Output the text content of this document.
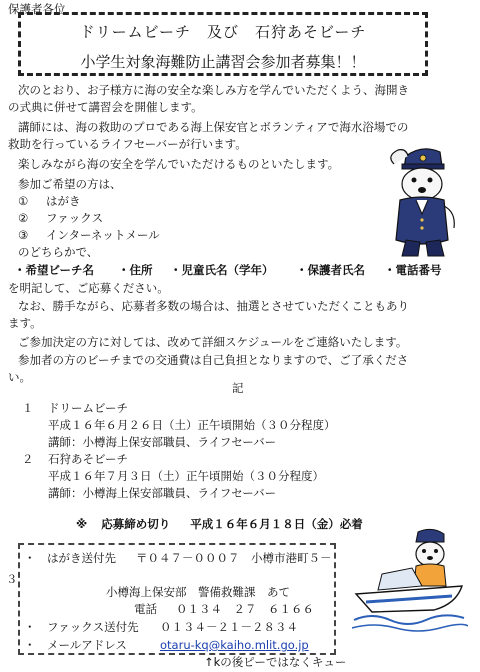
保護者各位
ドリームビーチ　及び　石狩あそビーチ
小学生対象海難防止講習会参加者募集！！
次のとおり、お子様方に海の安全な楽しみ方を学んでいただくよう、海開き
の式典に併せて講習会を開催します。
講師には、海の救助のプロである海上保安官とボランティアで海水浴場での
救助を行っているライフセーバーが行います。
楽しみながら海の安全を学んでいただけるものといたします。
参加ご希望の方は、
① はがき
② ファックス
③ インターネットメール
のどちらかで、
・希望ビーチ名 ・住所 ・児童氏名（学年） ・保護者氏名 ・電話番号
を明記して、ご応募ください。
なお、勝手ながら、応募者多数の場合は、抽選とさせていただくこともあり
ます。
ご参加決定の方に対しては、改めて詳細スケジュールをご連絡いたします。
参加者の方のビーチまでの交通費は自己負担となりますので、ご了承くださ
い。
記
１ ドリームビーチ
平成１６年６月２６日（土）正午頃開始（３０分程度）
講師：小樽海上保安部職員、ライフセーバー
２ 石狩あそビーチ
平成１６年７月３日（土）正午頃開始（３０分程度）
講師：小樽海上保安部職員、ライフセーバー
※ 応募締め切り 平成１６年６月１８日（金）必着
３
・　はがき送付先 〒０４７－０００７　小樽市港町５－
小樽海上保安部　警備救難課　あて
電話 ０１３４　２７　６１６６
・　ファックス送付先 ０１３４－２１－２８３４
・　メールアドレス	otaru-kq@kaiho.mlit.go.jp
↑kの後ピーではなくキュー
